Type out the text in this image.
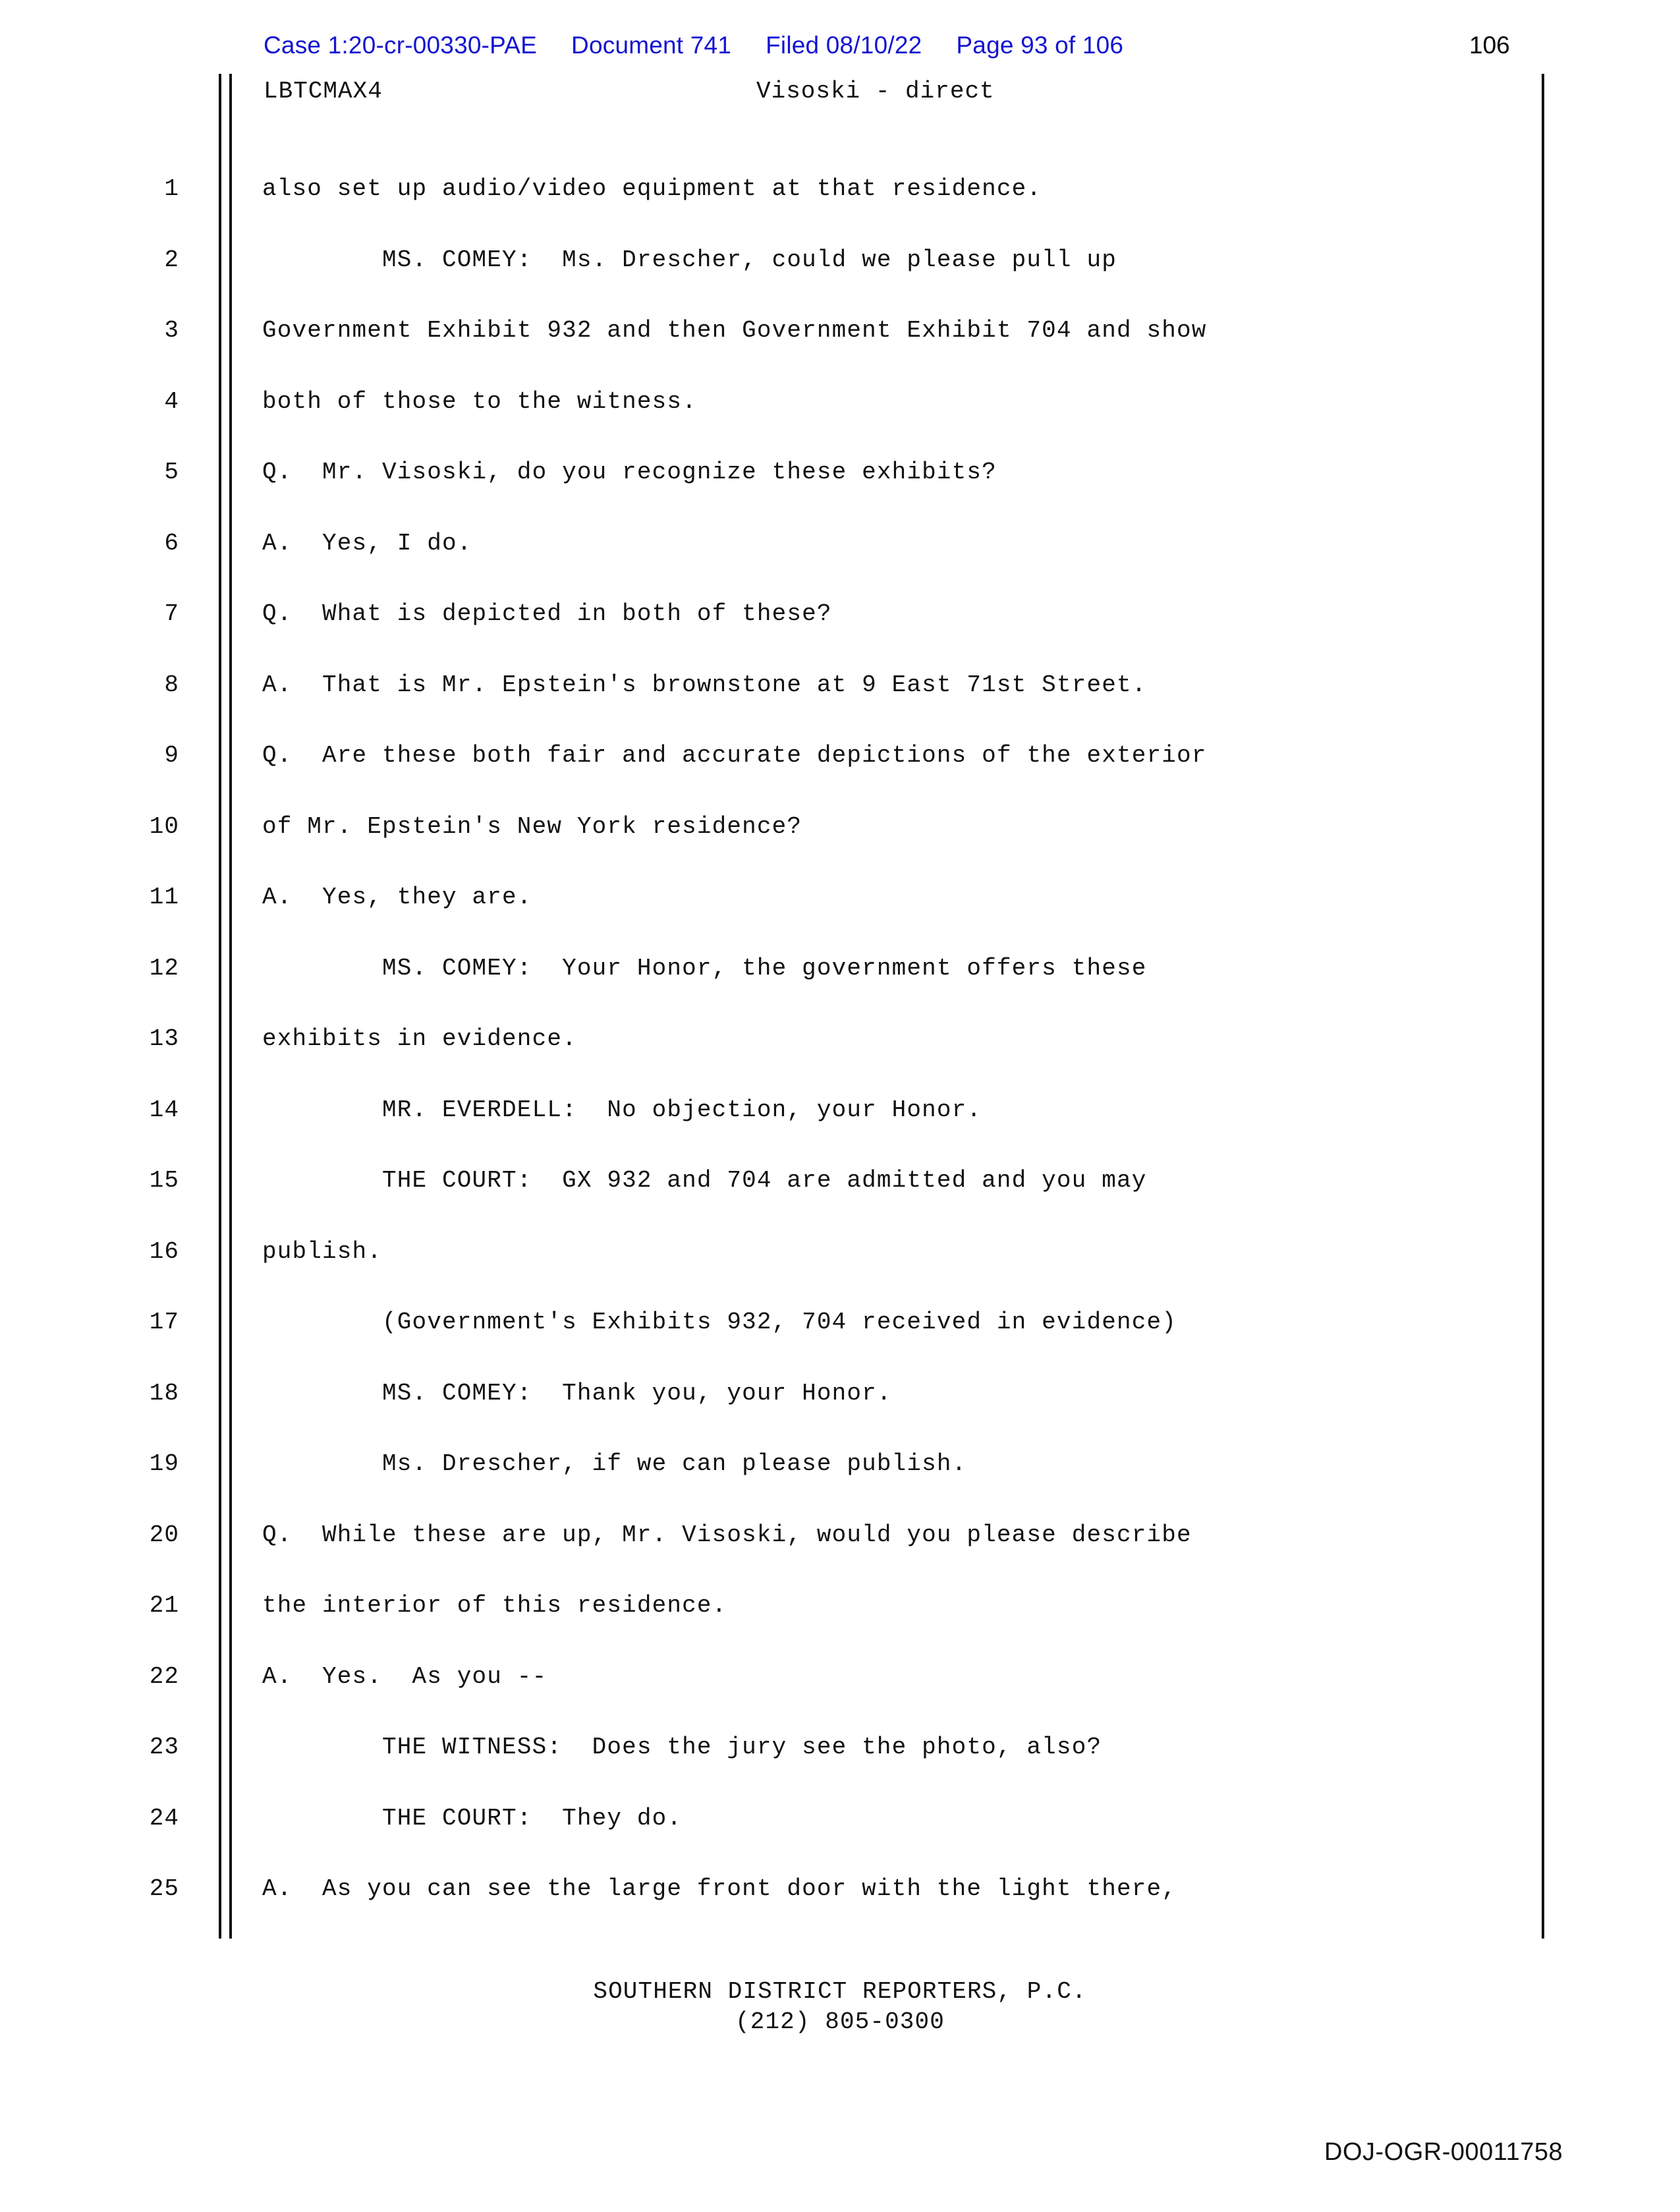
Case 1:20-cr-00330-PAE Document 741 Filed 08/10/22 Page 93 of 106	106
LBTCMAX4	Visoski - direct
1	also set up audio/video equipment at that residence.
2	MS. COMEY:  Ms. Drescher, could we please pull up
3	Government Exhibit 932 and then Government Exhibit 704 and show
4	both of those to the witness.
5	Q.  Mr. Visoski, do you recognize these exhibits?
6	A.  Yes, I do.
7	Q.  What is depicted in both of these?
8	A.  That is Mr. Epstein's brownstone at 9 East 71st Street.
9	Q.  Are these both fair and accurate depictions of the exterior
10	of Mr. Epstein's New York residence?
11	A.  Yes, they are.
12	MS. COMEY:  Your Honor, the government offers these
13	exhibits in evidence.
14	MR. EVERDELL:  No objection, your Honor.
15	THE COURT:  GX 932 and 704 are admitted and you may
16	publish.
17	(Government's Exhibits 932, 704 received in evidence)
18	MS. COMEY:  Thank you, your Honor.
19	Ms. Drescher, if we can please publish.
20	Q.  While these are up, Mr. Visoski, would you please describe
21	the interior of this residence.
22	A.  Yes.  As you --
23	THE WITNESS:  Does the jury see the photo, also?
24	THE COURT:  They do.
25	A.  As you can see the large front door with the light there,
SOUTHERN DISTRICT REPORTERS, P.C.
(212) 805-0300
DOJ-OGR-00011758
